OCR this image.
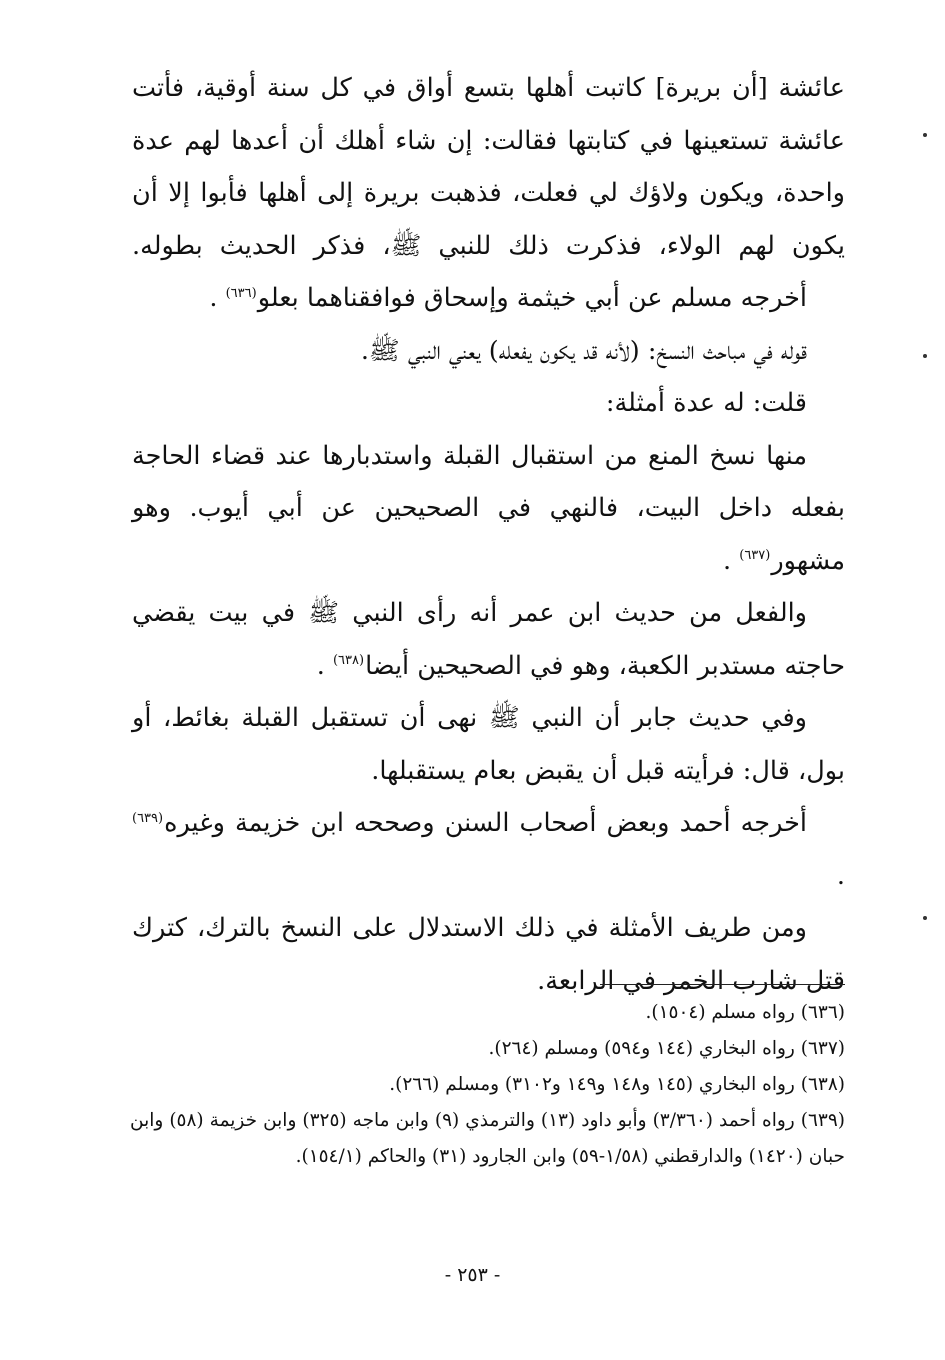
عائشة [أن بريرة] كاتبت أهلها بتسع أواق في كل سنة أوقية، فأتت عائشة تستعينها في كتابتها فقالت: إن شاء أهلك أن أعدها لهم عدة واحدة، ويكون ولاؤك لي فعلت، فذهبت بريرة إلى أهلها فأبوا إلا أن يكون لهم الولاء، فذكرت ذلك للنبي ﷺ، فذكر الحديث بطوله.

أخرجه مسلم عن أبي خيثمة وإسحاق فوافقناهما بعلو$^{(٦٣٦)}$ .

قوله في مباحث النسخ: (لأنه قد يكون يفعله) يعني النبي ﷺ.

قلت: له عدة أمثلة:

منها نسخ المنع من استقبال القبلة واستدبارها عند قضاء الحاجة بفعله داخل البيت، فالنهي في الصحيحين عن أبي أيوب. وهو مشهور$^{(٦٣٧)}$ .

والفعل من حديث ابن عمر أنه رأى النبي ﷺ في بيت يقضي حاجته مستدبر الكعبة، وهو في الصحيحين أيضا$^{(٦٣٨)}$ .

وفي حديث جابر أن النبي ﷺ نهى أن تستقبل القبلة بغائط، أو بول، قال: فرأيته قبل أن يقبض بعام يستقبلها.

أخرجه أحمد وبعض أصحاب السنن وصححه ابن خزيمة وغيره$^{(٦٣٩)}$ .

ومن طريف الأمثلة في ذلك الاستدلال على النسخ بالترك، كترك قتل شارب الخمر في الرابعة.

(٦٣٦) رواه مسلم (١٥٠٤).

(٦٣٧) رواه البخاري (١٤٤ و٥٩٤) ومسلم (٢٦٤).

(٦٣٨) رواه البخاري (١٤٥ و١٤٨ و١٤٩ و٣١٠٢) ومسلم (٢٦٦).

(٦٣٩) رواه أحمد (٣/٣٦٠) وأبو داود (١٣) والترمذي (٩) وابن ماجه (٣٢٥) وابن خزيمة (٥٨) وابن حبان (١٤٢٠) والدارقطني (١/٥٨-٥٩) وابن الجارود (٣١) والحاكم (١٥٤/١).

- ٢٥٣ -
